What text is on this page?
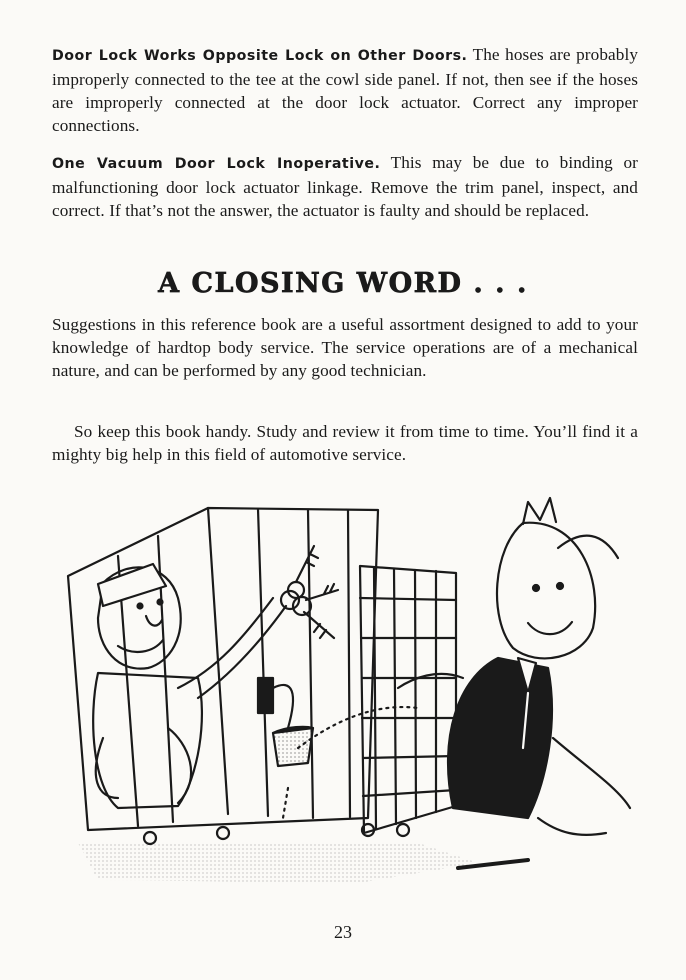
Door Lock Works Opposite Lock on Other Doors. The hoses are probably improperly connected to the tee at the cowl side panel. If not, then see if the hoses are improperly connected at the door lock actuator. Correct any improper connections.

One Vacuum Door Lock Inoperative. This may be due to binding or malfunctioning door lock actuator linkage. Remove the trim panel, inspect, and correct. If that’s not the answer, the actuator is faulty and should be replaced.

A CLOSING WORD . . .

Suggestions in this reference book are a useful assortment designed to add to your knowledge of hardtop body service. The service operations are of a mechanical nature, and can be performed by any good technician.

So keep this book handy. Study and review it from time to time. You’ll find it a mighty big help in this field of automotive service.

23
